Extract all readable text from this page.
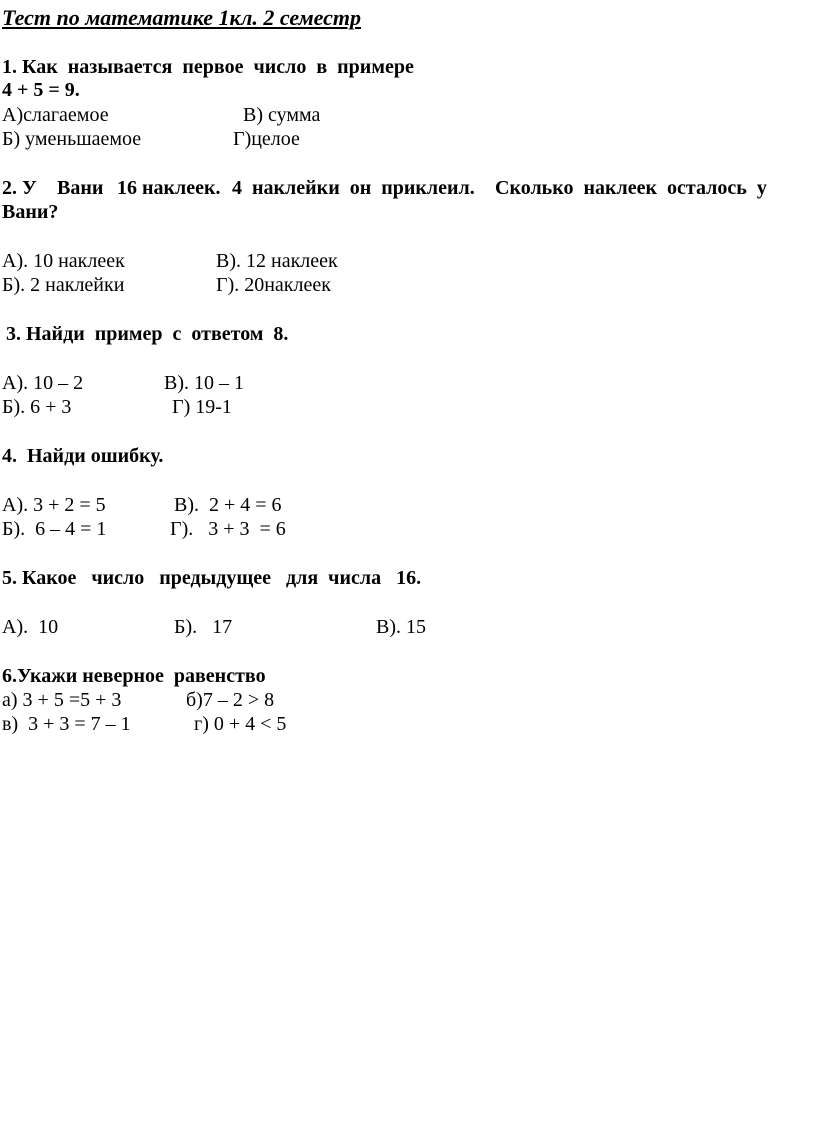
Тест по математике 1кл. 2 семестр
1. Как  называется  первое  число  в  примере
4 + 5 = 9.
А)слагаемое	В) сумма
Б) уменьшаемое	Г)целое
2. У Вани 16 наклеек. 4  наклейки  он  приклеил. Сколько  наклеек  осталось  у
Вани?
А). 10 наклеек	В). 12 наклеек
Б). 2 наклейки	Г). 20наклеек
3. Найди  пример  с  ответом  8.
А). 10 – 2	В). 10 – 1
Б). 6 + 3	Г) 19-1
4.  Найди ошибку.
А). 3 + 2 = 5	В).  2 + 4 = 6
Б).  6 – 4 = 1	Г).   3 + 3  = 6
5. Какое   число   предыдущее   для  числа   16.
А).  10	Б).   17	В). 15
6.Укажи неверное  равенство
а) 3 + 5 =5 + 3	б)7 – 2 > 8
в)  3 + 3 = 7 – 1	г) 0 + 4 < 5
